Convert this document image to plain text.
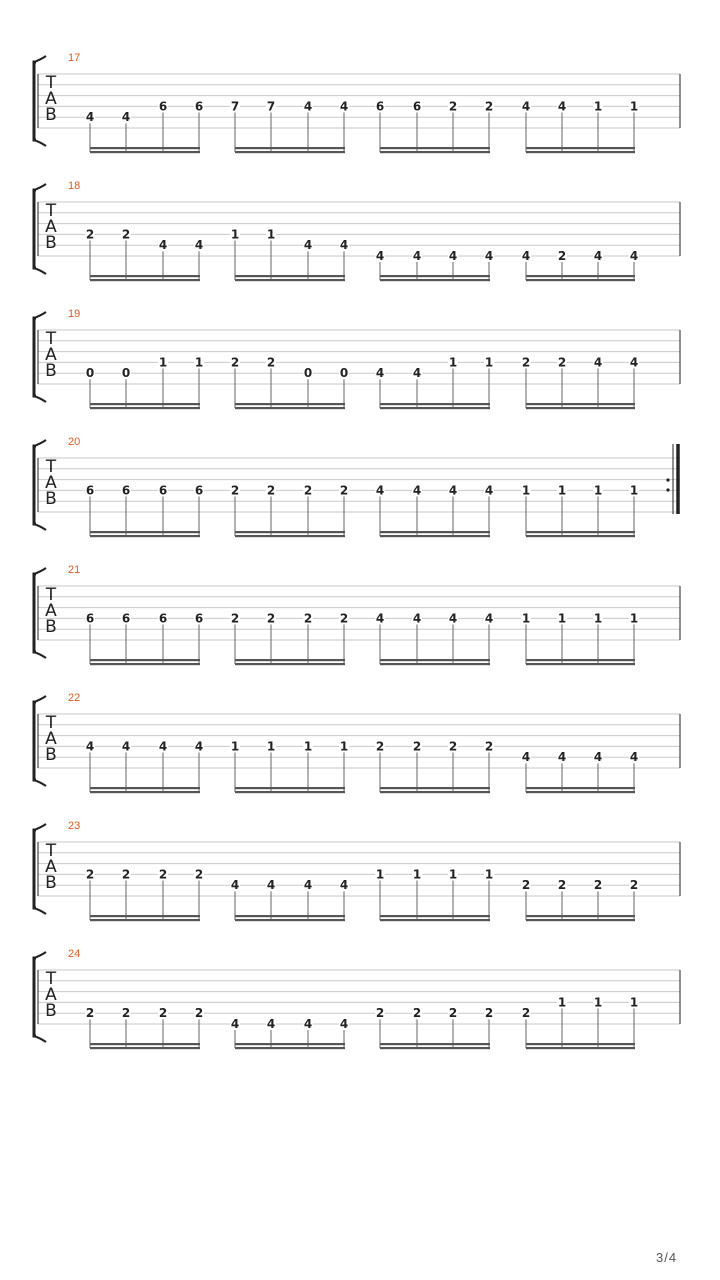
T
A
B
17
4 4
6 6 7 7 4 4 6 6 2 2 4 4 1 1
T
A
B
18
2 2
4 4
1 1
4 4
4 4 4 4 4 2 4 4
T
A
B
19
0 0
1 1 2 2
0 0 4 4
1 1 2 2 4 4
T
A
B
20
6 6 6 6 2 2 2 2 4 4 4 4 1 1 1 1
T
A
B
21
6 6 6 6 2 2 2 2 4 4 4 4 1 1 1 1
T
A
B
22
4 4 4 4 1 1 1 1 2 2 2 2
4 4 4 4
T
A
B
23
2 2 2 2
4 4 4 4
1 1 1 1
2 2 2 2
T
A
B
24
2 2 2 2
4 4 4 4
2 2 2 2 2
1 1 1
3/4
